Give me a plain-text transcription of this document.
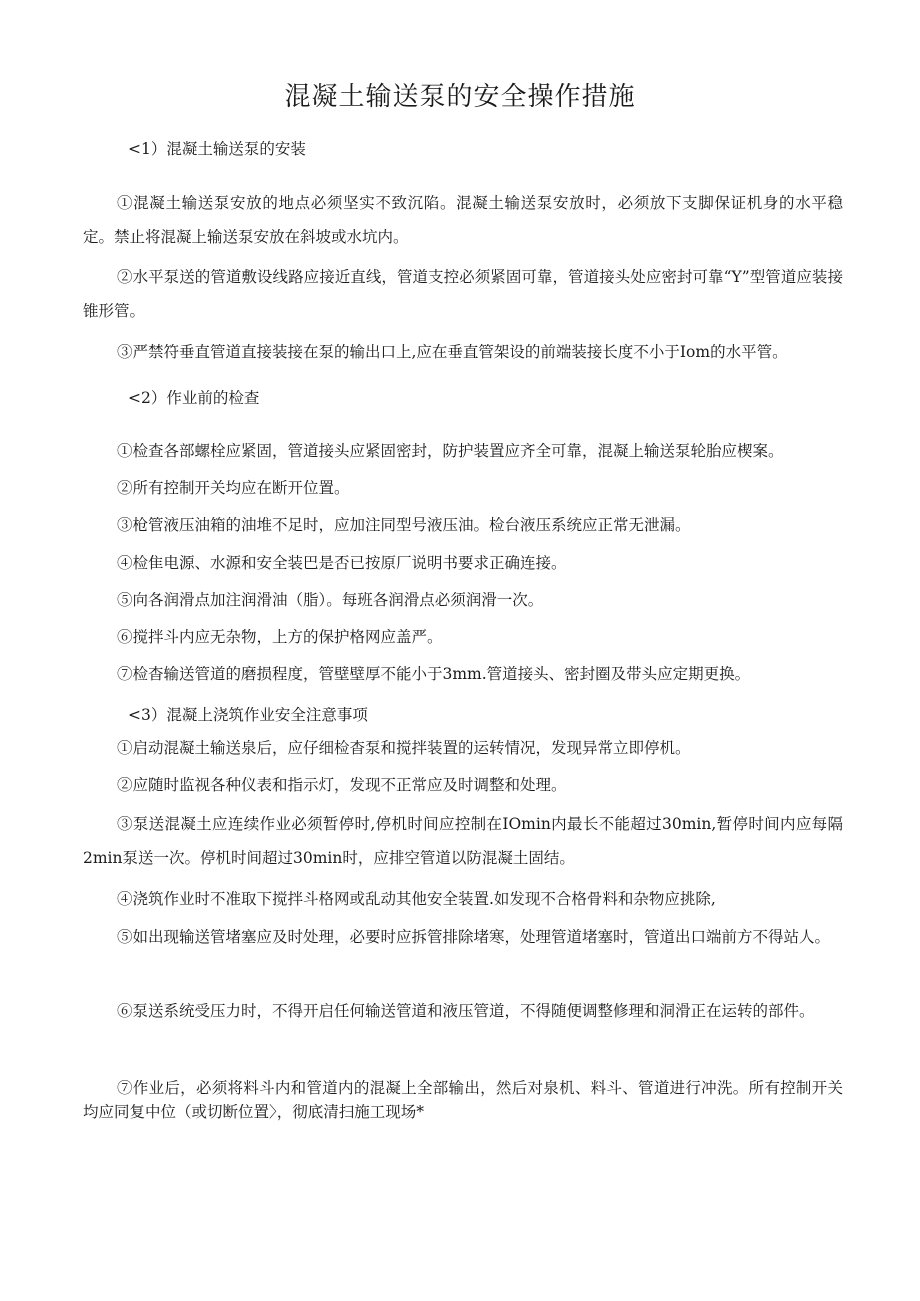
混凝土输送泵的安全操作措施

<1）混凝土输送泵的安装

①混凝土输送泵安放的地点必须坚实不致沉陷。混凝土输送泵安放时，必须放下支脚保证机身的水平稳定。禁止将混凝上输送泵安放在斜坡或水坑内。

②水平泵送的管道敷设线路应接近直线，管道支控必须紧固可靠，管道接头处应密封可靠“Y”型管道应装接锥形管。

③严禁符垂直管道直接装接在泵的输出口上,应在垂直管架设的前端装接长度不小于Iom的水平管。

<2）作业前的检查

①检查各部螺栓应紧固，管道接头应紧固密封，防护装置应齐全可靠，混凝上输送泵轮胎应楔案。

②所有控制开关均应在断开位置。

③枪管液压油箱的油堆不足时，应加注同型号液压油。检台液压系统应正常无泄漏。

④检隹电源、水源和安全装巴是否已按原厂说明书要求正确连接。

⑤向各润滑点加注润滑油（脂）。每班各润滑点必须润滑一次。

⑥搅拌斗内应无杂物，上方的保护格网应盖严。

⑦检杳输送管道的磨损程度，管壁壁厚不能小于3mm.管道接头、密封圈及带头应定期更换。

<3）混凝上浇筑作业安全注意事项

①启动混凝土输送泉后，应仔细检杳泵和搅拌装置的运转情况，发现异常立即停机。

②应随时监视各种仪表和指示灯，发现不正常应及时调整和处理。

③泵送混凝土应连续作业必须暂停时,停机时间应控制在IOmin内最长不能超过30min,暂停时间内应每隔2min泵送一次。停机时间超过30min时，应排空管道以防混凝土固结。

④浇筑作业时不准取下搅拌斗格网或乱动其他安全装置.如发现不合格骨料和杂物应挑除,

⑤如出现输送管堵塞应及时处理，必要时应拆管排除堵寒，处理管道堵塞时，管道出口端前方不得站人。

⑥泵送系统受压力时，不得开启任何输送管道和液压管道，不得随便调整修理和洞滑正在运转的部件。

⑦作业后，必须将料斗内和管道内的混凝上全部输出，然后对泉机、料斗、管道进行冲洗。所有控制开关均应同复中位（或切断位置〉，彻底清扫施工现场*
